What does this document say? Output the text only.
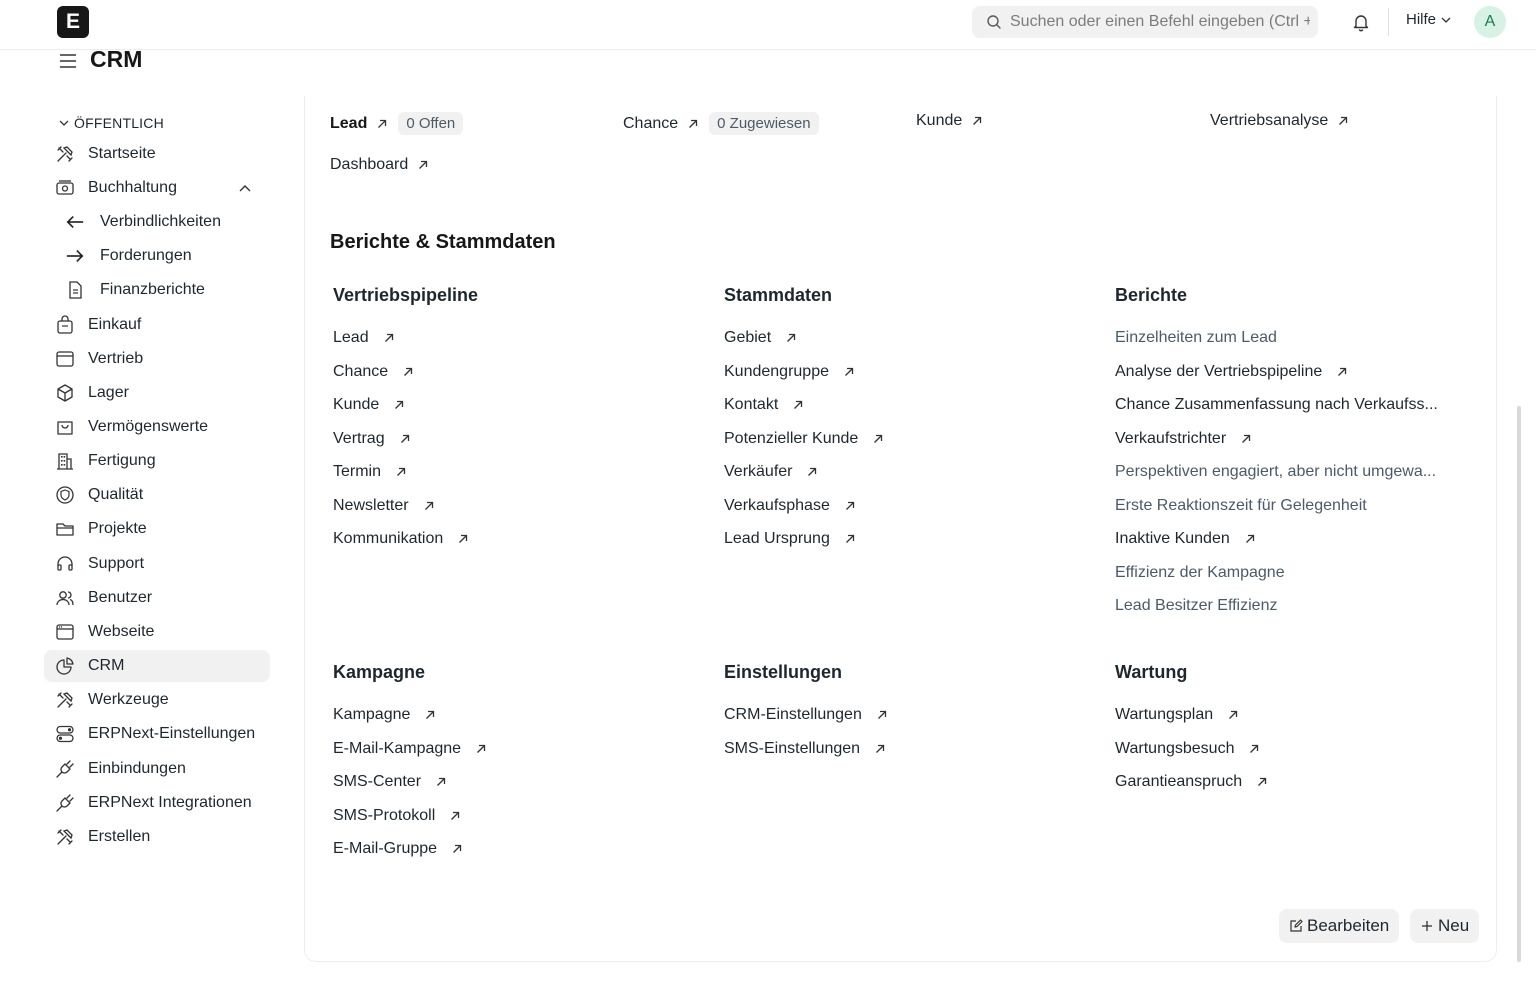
E
Suchen oder einen Befehl eingeben (Ctrl + G)	Hilfe	A
CRM
ÖFFENTLICH
Startseite
Buchhaltung
Verbindlichkeiten
Forderungen
Finanzberichte
Einkauf
Vertrieb
Lager
Vermögenswerte
Fertigung
Qualität
Projekte
Support
Benutzer
Webseite
CRM
Werkzeuge
ERPNext-Einstellungen
Einbindungen
ERPNext Integrationen
Erstellen
Lead	0 Offen	Chance	0 Zugewiesen	Kunde	Vertriebsanalyse
Dashboard
Berichte & Stammdaten
Vertriebspipeline	Stammdaten	Berichte
Kampagne	Einstellungen	Wartung
Lead
Chance
Kunde
Vertrag
Termin
Newsletter
Kommunikation
Gebiet
Kundengruppe
Kontakt
Potenzieller Kunde
Verkäufer
Verkaufsphase
Lead Ursprung
Einzelheiten zum Lead
Analyse der Vertriebspipeline
Chance Zusammenfassung nach Verkaufss...
Verkaufstrichter
Perspektiven engagiert, aber nicht umgewa...
Erste Reaktionszeit für Gelegenheit
Inaktive Kunden
Effizienz der Kampagne
Lead Besitzer Effizienz
Kampagne
E-Mail-Kampagne
SMS-Center
SMS-Protokoll
E-Mail-Gruppe
CRM-Einstellungen
SMS-Einstellungen
Wartungsplan
Wartungsbesuch
Garantieanspruch
Bearbeiten	Neu
